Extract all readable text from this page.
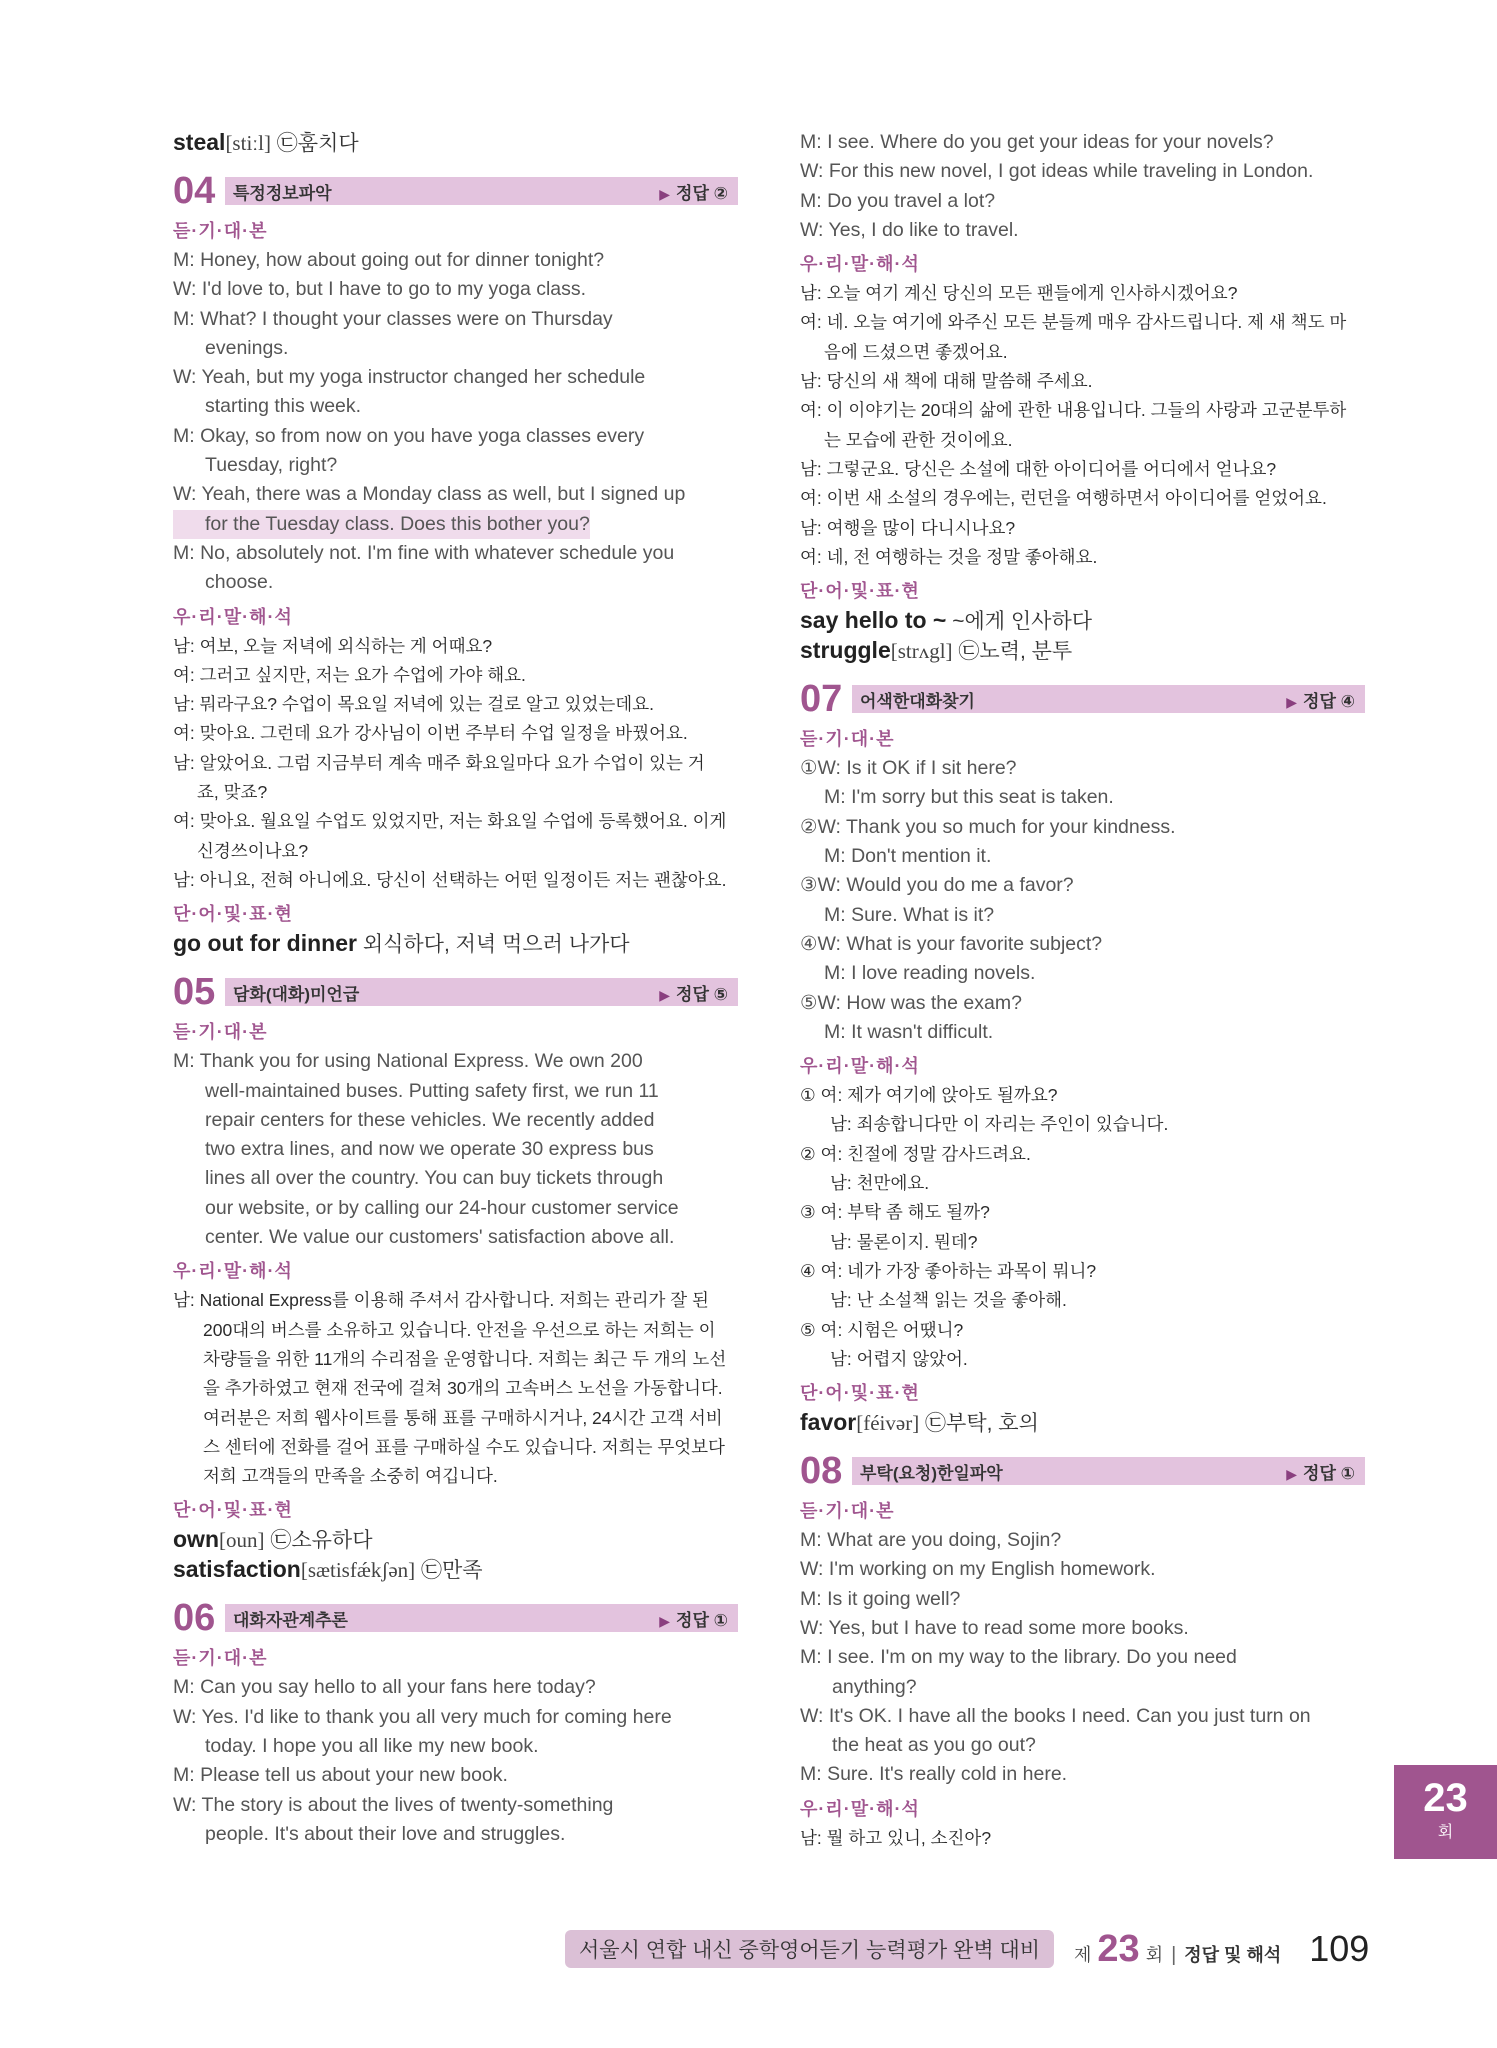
steal[stiːl] ㉢훔치다

04	특정정보파악	▶ 정답 ②
듣·기·대·본

M: Honey, how about going out for dinner tonight?

W: I'd love to, but I have to go to my yoga class.

M: What? I thought your classes were on Thursday

evenings.

W: Yeah, but my yoga instructor changed her schedule

starting this week.

M: Okay, so from now on you have yoga classes every

Tuesday, right?

W: Yeah, there was a Monday class as well, but I signed up

for the Tuesday class. Does this bother you?

M: No, absolutely not. I'm fine with whatever schedule you

choose.

우·리·말·해·석

남: 여보, 오늘 저녁에 외식하는 게 어때요?

여: 그러고 싶지만, 저는 요가 수업에 가야 해요.

남: 뭐라구요? 수업이 목요일 저녁에 있는 걸로 알고 있었는데요.

여: 맞아요. 그런데 요가 강사님이 이번 주부터 수업 일정을 바꿨어요.

남: 알았어요. 그럼 지금부터 계속 매주 화요일마다 요가 수업이 있는 거

죠, 맞죠?

여: 맞아요. 월요일 수업도 있었지만, 저는 화요일 수업에 등록했어요. 이게

신경쓰이나요?

남: 아니요, 전혀 아니에요. 당신이 선택하는 어떤 일정이든 저는 괜찮아요.

단·어·및·표·현

go out for dinner 외식하다, 저녁 먹으러 나가다

05	담화(대화)미언급	▶ 정답 ⑤
듣·기·대·본

M: Thank you for using National Express. We own 200

well-maintained buses. Putting safety first, we run 11

repair centers for these vehicles. We recently added

two extra lines, and now we operate 30 express bus

lines all over the country. You can buy tickets through

our website, or by calling our 24-hour customer service

center. We value our customers' satisfaction above all.

우·리·말·해·석

남: National Express를 이용해 주셔서 감사합니다. 저희는 관리가 잘 된

200대의 버스를 소유하고 있습니다. 안전을 우선으로 하는 저희는 이

차량들을 위한 11개의 수리점을 운영합니다. 저희는 최근 두 개의 노선

을 추가하였고 현재 전국에 걸쳐 30개의 고속버스 노선을 가동합니다.

여러분은 저희 웹사이트를 통해 표를 구매하시거나, 24시간 고객 서비

스 센터에 전화를 걸어 표를 구매하실 수도 있습니다. 저희는 무엇보다

저희 고객들의 만족을 소중히 여깁니다.

단·어·및·표·현

own[oun] ㉢소유하다

satisfaction[sætisfǽkʃən] ㉢만족

06	대화자관계추론	▶ 정답 ①
듣·기·대·본

M: Can you say hello to all your fans here today?

W: Yes. I'd like to thank you all very much for coming here

today. I hope you all like my new book.

M: Please tell us about your new book.

W: The story is about the lives of twenty-something

people. It's about their love and struggles.

M: I see. Where do you get your ideas for your novels?

W: For this new novel, I got ideas while traveling in London.

M: Do you travel a lot?

W: Yes, I do like to travel.

우·리·말·해·석

남: 오늘 여기 계신 당신의 모든 팬들에게 인사하시겠어요?

여: 네. 오늘 여기에 와주신 모든 분들께 매우 감사드립니다. 제 새 책도 마

음에 드셨으면 좋겠어요.

남: 당신의 새 책에 대해 말씀해 주세요.

여: 이 이야기는 20대의 삶에 관한 내용입니다. 그들의 사랑과 고군분투하

는 모습에 관한 것이에요.

남: 그렇군요. 당신은 소설에 대한 아이디어를 어디에서 얻나요?

여: 이번 새 소설의 경우에는, 런던을 여행하면서 아이디어를 얻었어요.

남: 여행을 많이 다니시나요?

여: 네, 전 여행하는 것을 정말 좋아해요.

단·어·및·표·현

say hello to ~ ~에게 인사하다

struggle[strʌgl] ㉢노력, 분투

07	어색한대화찾기	▶ 정답 ④
듣·기·대·본

①W: Is it OK if I sit here?

M: I'm sorry but this seat is taken.

②W: Thank you so much for your kindness.

M: Don't mention it.

③W: Would you do me a favor?

M: Sure. What is it?

④W: What is your favorite subject?

M: I love reading novels.

⑤W: How was the exam?

M: It wasn't difficult.

우·리·말·해·석

① 여: 제가 여기에 앉아도 될까요?

남: 죄송합니다만 이 자리는 주인이 있습니다.

② 여: 친절에 정말 감사드려요.

남: 천만에요.

③ 여: 부탁 좀 해도 될까?

남: 물론이지. 뭔데?

④ 여: 네가 가장 좋아하는 과목이 뭐니?

남: 난 소설책 읽는 것을 좋아해.

⑤ 여: 시험은 어땠니?

남: 어렵지 않았어.

단·어·및·표·현

favor[féivər] ㉢부탁, 호의

08	부탁(요청)한일파악	▶ 정답 ①
듣·기·대·본

M: What are you doing, Sojin?

W: I'm working on my English homework.

M: Is it going well?

W: Yes, but I have to read some more books.

M: I see. I'm on my way to the library. Do you need

anything?

W: It's OK. I have all the books I need. Can you just turn on

the heat as you go out?

M: Sure. It's really cold in here.

우·리·말·해·석

남: 뭘 하고 있니, 소진아?

23
회
서울시 연합 내신 중학영어듣기 능력평가 완벽 대비	제 23 회 | 정답 및 해석 109
